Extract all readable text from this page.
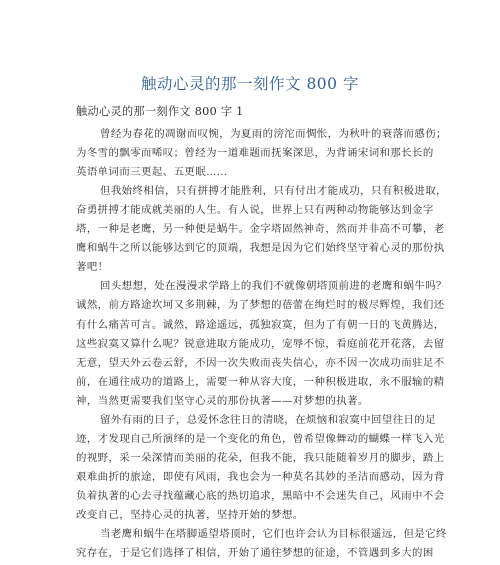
触动心灵的那一刻作文 800 字
触动心灵的那一刻作文 800 字 1
曾经为春花的凋谢而叹惋，为夏雨的滂沱而惆怅，为秋叶的衰落而感伤；
为冬雪的飘零而唏叹；曾经为一道难题而抚案深思，为背诵宋词和那长长的
英语单词而三更起、五更眠……
但我始终相信，只有拼搏才能胜利，只有付出才能成功，只有积极进取，
奋勇拼搏才能成就美丽的人生。有人说，世界上只有两种动物能够达到金字
塔，一种是老鹰，另一种便是蜗牛。金字塔固然神奇，然而并非高不可攀，老
鹰和蜗牛之所以能够达到它的顶端，我想是因为它们始终坚守着心灵的那份执
著吧！
回头想想，处在漫漫求学路上的我们不就像朝塔顶前进的老鹰和蜗牛吗？
诚然，前方路途坎坷又多荆棘，为了梦想的蓓蕾在绚烂时的极尽辉煌，我们还
有什么痛苦可言。诚然，路途遥远，孤独寂寞，但为了有朝一日的飞黄腾达，
这些寂寞又算什么呢？锐意进取方能成功，宠辱不惊，看庭前花开花落，去留
无意，望天外云卷云舒，不因一次失败而丧失信心，亦不因一次成功而驻足不
前，在通往成功的道路上，需要一种从容大度，一种积极进取，永不服输的精
神，当然更需要我们坚守心灵的那份执著——对梦想的执著。
留外有雨的日子，总爱怀念往日的清晓，在烦恼和寂寞中回望往日的足
迹，才发现自己所演绎的是一个变化的角色，曾希望像舞动的蝴蝶一样飞入光
的视野，采一朵深情而美丽的花朵，但我不能，我只能随着岁月的脚步，踏上
艰难曲折的旅途，即使有风雨，我也会为一种莫名其妙的圣洁而感动，因为背
负着执著的心去寻找蕴藏心底的热切追求，黑暗中不会迷失自己，风雨中不会
改变自己，坚持心灵的执著，坚持开始的梦想。
当老鹰和蜗牛在塔脚遥望塔顶时，它们也许会认为目标很遥远，但是它终
究存在，于是它们选择了相信，开始了通往梦想的征途，不管遇到多大的困
